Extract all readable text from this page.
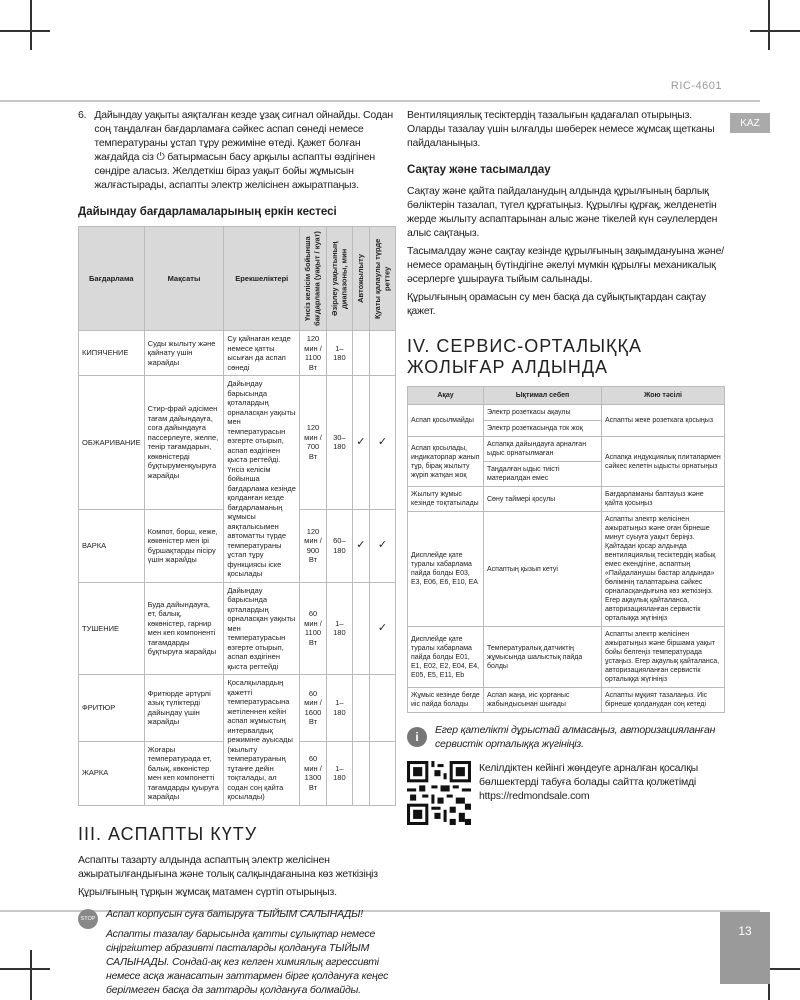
RIC-4601
KAZ
13
6. Дайындау уақыты аяқталған кезде ұзақ сигнал ойнайды. Содан соң таңдалған бағдарламаға сәйкес аспап сөнеді немесе температураны ұстап тұру режиміне өтеді. Қажет болған жағдайда сіз ⏻ батырмасын басу арқылы аспапты өздігінен сөндіре аласыз. Желдеткіш біраз уақыт бойы жұмысын жалғастырады, аспапты электр желісінен ажыратпаңыз.
Дайындау бағдарламаларының еркін кестесі
Бағдарлама	Мақсаты	Ерекшеліктері	Үнсіз келісім бойынша бағдарлама (уақыт / куат)	Әзірлеу уақытының диапазоны, мин	Автожылыту	Қуаты қалаулы түрде реттеу

КИПЯЧЕНИЕ	Суды жылыту және қайнату үшін жарайды	Су қайнаған кезде немесе қатты ысыған да аспап сөнеді	120 мин / 1100 Вт	1–180		
ОБЖАРИВАНИЕ	Стир-фрай әдісімен тағам дайындауға, сога дайындауға пассерлеуге, желпе, тенір тағамдарын, көкөністерді бұқтыруменқуыруға жарайды	Дайындау барысында қоталардың орналасқан уақыты мен температурасын өзгерте отырып, аспап өздігінен қыста регтейді. Үнсіз келісім бойынша бағдарлама кезінде қолданған кезде бағдарламаның жұмысы аяқталысымен автоматты түрде температураны ұстап тұру функциясы іске қосылады	120 мин / 700 Вт	30–180	✓	✓
ВАРКА	Компот, борш, кеже, көкөністер мен ірі бұршақтарды пісіру үшін жарайды		120 мин / 900 Вт	60–180	✓	✓
ТУШЕНИЕ	Буда дайындауға, ет, балық, көкөністер, гарнир мен кеп компоненті тағамдарды бұқтыруға жарайды	Дайындау барысында қоталардың орналасқан уақыты мен температурасын өзгерте отырып, аспап өздігінен қыста регтейді	60 мин / 1100 Вт	1–180		✓
ФРИТЮР	Фритюрде әртүрлі азық түліктерді дайындау үшін жарайды	Қосалқылардың қажетті температурасына жетіленнен кейін аспап жұмыстың интервалдық режиміне ауысады (жылыту температураның тұтанғе дейін тоқталады, ал содан соң қайта қосылады)	60 мин / 1600 Вт	1–180		
ЖАРКА	Жоғары температурада ет, балық, көкөністер мен кеп компонетті тағамдарды қуыруға жарайды		60 мин / 1300 Вт	1–180		
III. АСПАПТЫ КҮТУ

Аспапты тазарту алдында аспаптың электр желісінен ажыратылғандығына және толық салқындағанына көз жеткізіңіз

Құрылғының тұрқын жұмсақ матамен сүртіп отырыңыз.

STOP Аспап корпусын суға батыруға ТЫЙЫМ САЛЫНАДЫ!

Аспапты тазалау барысында қатты сұлықтар немесе сіңіргіштер абразивті пасталарды қолдануға ТЫЙЫМ САЛЫНАДЫ. Сондай-ақ кез келген химиялық агрессивті немесе асқа жанасатын заттармен бірге қолдануға кеңес берілмеген басқа да заттарды қолдануға болмайды.

Вентиляциялық тесіктердің тазалығын қадағалап отырыңыз. Оларды тазалау үшін ылғалды шөберек немесе жұмсақ щетканы пайдаланыңыз.

Сақтау және тасымалдау

Сақтау және қайта пайдаланудың алдында құрылғының барлық бөліктерін тазалап, түгел құрғатыңыз. Құрылғы құрғақ, желденетін жерде жылыту аспаптарынан алыс және тікелей күн сәулелерден алыс сақтаңыз.

Тасымалдау және сақтау кезінде құрылғының зақымдануына және/немесе орамаңың бүтіндігіне әкелуі мүмкін құрылғы механикалық әсерлерге ұшырауға тыйым салынады.

Құрылғының орамасын су мен басқа да сұйықтықтардан сақтау қажет.

IV. СЕРВИС-ОРТАЛЫҚҚА ЖОЛЫҒАР АЛДЫНДА
Ақау	Ықтимал себеп	Жою тәсілі
Аспап қосылмайды	Электр розеткасы ақаулы	Аспапты жеке розеткага қосыңыз
	Электр розеткасында ток жоқ	
Аспап қосылады, индикаторлар жанып тұр, бірақ жылыту жүріп жатқан жоқ	Аспапқа дайындауға арналған ыдыс орнатылмаған	Аспапқа индукциялық плитапармен сәйкес келетін ыдысты орнатыңыз
	Таңдалған ыдыс тиісті материалдан емес	
Жылыту жұмыс кезінде тоқтатылады	Сөну таймері қосулы	Бағдарламаны баптауыз және қайта қосыңыз
Дисплейде қате туралы хабарлама пайда болды E03, E3, E06, E6, E10, EA	Аспаптың қызып кетуі	Аспапты электр желісінен ажыратыңыз және оған бірнеше минут суыуға уақыт беріңіз. Қайтадан қосар алдында вентиляциялық тесіктердің жабық емес екендігіне, аспаптың «Пайдаланушы бастар алдында» бөлімінің талаптарына сәйкес орналасқандығына көз жеткізіңіз. Егер ақаулық қайталанса, авторизацияланған сервистік орталыққа жүгініңіз
Дисплейде қате туралы хабарлама пайда болды E01, E1, E02, E2, E04, E4, E05, E5, E11, Eb	Температуралық датчиктің жұмысында шалыстық пайда болды	Аспапты электр желісінен ажыратыңыз және біршама уақыт бойы белгеңіз температурада ұстаңыз. Егер ақаулық қайталанса, авторизацияланған сервистік орталыққа жүгініңіз
Жұмыс кезінде бөгде иіс пайда болады	Аспап жаңа, иіс қорғаныс жабындысынан шығады	Аспапты мұқият тазалаңыз. Иіс бірнеше қолданудан соң кетеді
i	Егер қателікті дұрыстай алмасаңыз, авторизацияланған сервистік орталыққа жүгініңіз.

Келілдіктен кейінгі жөндеуге арналған қосалқы бөлшектерді табуға болады сайтта қолжетімді https://redmondsale.com
